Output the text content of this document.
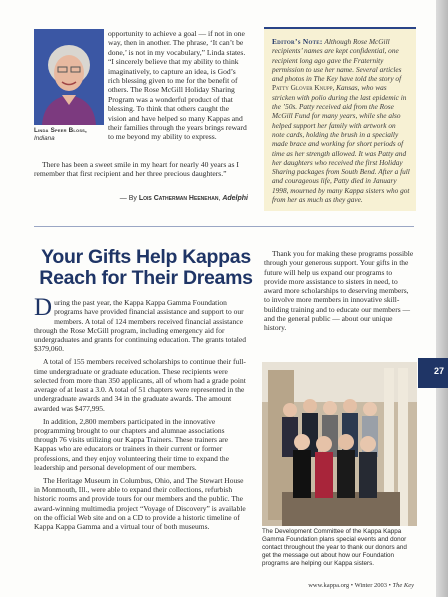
27
Linda Speer Bloss,
Indiana

opportunity to achieve a goal — if not in one way, then in another. The phrase, ‘It can’t be done,’ is not in my vocabulary,” Linda states. “I sincerely believe that my ability to think imaginatively, to capture an idea, is God’s rich blessing given to me for the benefit of others. The Rose McGill Holiday Sharing Program was a wonderful product of that blessing. To think that others caught the vision and have helped so many Kappas and their families through the years brings reward to me beyond my ability to express.

There has been a sweet smile in my heart for nearly 40 years as I remember that first recipient and her three precious daughters.”

— By Lois Catherman Heenehan, Adelphi
Editor’s Note: Although Rose McGill recipients’ names are kept confidential, one recipient long ago gave the Fraternity permission to use her name. Several articles and photos in The Key have told the story of Patty Glover Knupp, Kansas, who was stricken with polio during the last epidemic in the ’50s. Patty received aid from the Rose McGill Fund for many years, while she also helped support her family with artwork on note cards, holding the brush in a specially made brace and working for short periods of time as her strength allowed. It was Patty and her daughters who received the first Holiday Sharing packages from South Bend. After a full and courageous life, Patty died in January 1998, mourned by many Kappa sisters who got from her as much as they gave.
Your Gifts Help Kappas Reach for Their Dreams

During the past year, the Kappa Kappa Gamma Foundation programs have provided financial assistance and support to our members. A total of 124 members received financial assistance through the Rose McGill program, including emergency aid for undergraduates and grants for continuing education. The grants totaled $379,060.

A total of 155 members received scholarships to continue their full-time undergraduate or graduate education. These recipients were selected from more than 350 applicants, all of whom had a grade point average of at least a 3.0. A total of 51 chapters were represented in the undergraduate awards and 34 in the graduate awards. The amount awarded was $477,995.

In addition, 2,800 members participated in the innovative programming brought to our chapters and alumnae associations through 76 visits utilizing our Kappa Trainers. These trainers are Kappas who are educators or trainers in their current or former professions, and they enjoy volunteering their time to expand the leadership and personal development of our members.

The Heritage Museum in Columbus, Ohio, and The Stewart House in Monmouth, Ill., were able to expand their collections, refurbish historic rooms and provide tours for our members and the public. The award-winning multimedia project “Voyage of Discovery” is available on the official Web site and on a CD to provide a historic timeline of Kappa Kappa Gamma and a virtual tour of both museums.

Thank you for making these programs possible through your generous support. Your gifts in the future will help us expand our programs to provide more assistance to sisters in need, to award more scholarships to deserving members, to involve more members in innovative skill-building training and to educate our members — and the general public — about our unique history.

The Development Committee of the Kappa Kappa Gamma Foundation plans special events and donor contact throughout the year to thank our donors and get the message out about how our Foundation programs are helping our Kappa sisters.
www.kappa.org • Winter 2003 • The Key
